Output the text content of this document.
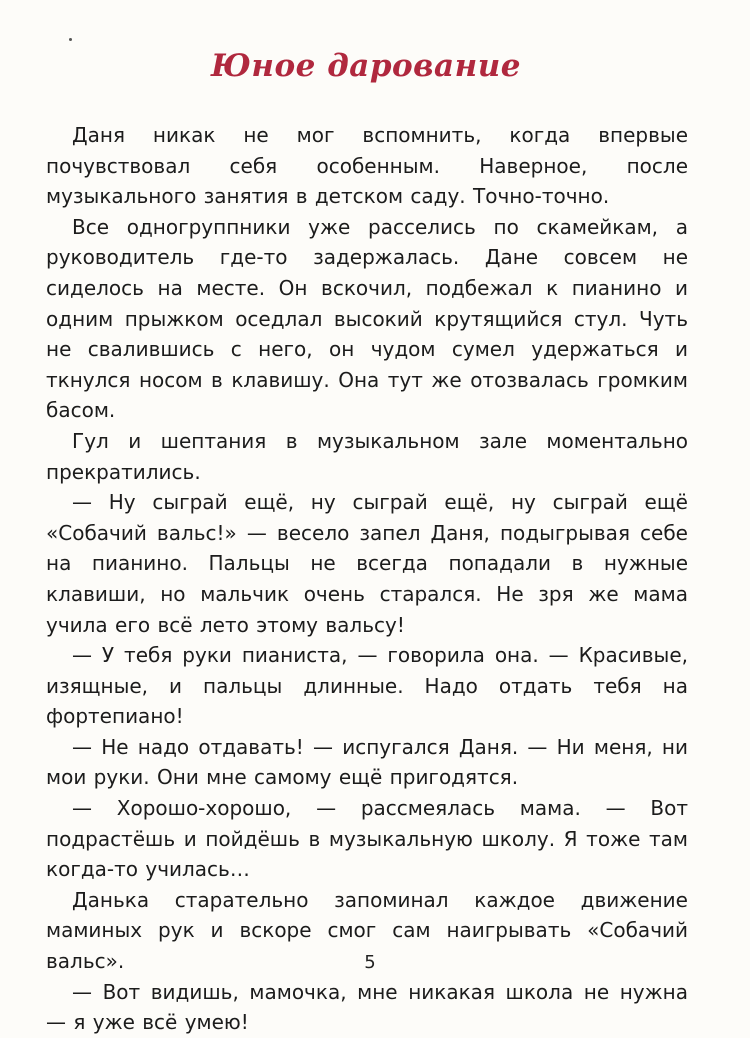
Юное дарование

Даня никак не мог вспомнить, когда впервые почувствовал себя особенным. Наверное, после музыкального занятия в детском саду. Точно-точно.

Все одногруппники уже расселись по скамейкам, а руководитель где-то задержалась. Дане совсем не сиделось на месте. Он вскочил, подбежал к пианино и одним прыжком оседлал высокий крутящийся стул. Чуть не свалившись с него, он чудом сумел удержаться и ткнулся носом в клавишу. Она тут же отозвалась громким басом.

Гул и шептания в музыкальном зале моментально прекратились.

— Ну сыграй ещё, ну сыграй ещё, ну сыграй ещё «Собачий вальс!» — весело запел Даня, подыгрывая себе на пианино. Пальцы не всегда попадали в нужные клавиши, но мальчик очень старался. Не зря же мама учила его всё лето этому вальсу!

— У тебя руки пианиста, — говорила она. — Красивые, изящные, и пальцы длинные. Надо отдать тебя на фортепиано!

— Не надо отдавать! — испугался Даня. — Ни меня, ни мои руки. Они мне самому ещё пригодятся.

— Хорошо-хорошо, — рассмеялась мама. — Вот подрастёшь и пойдёшь в музыкальную школу. Я тоже там когда-то училась…

Данька старательно запоминал каждое движение маминых рук и вскоре смог сам наигрывать «Собачий вальс».

— Вот видишь, мамочка, мне никакая школа не нужна — я уже всё умею!

5
